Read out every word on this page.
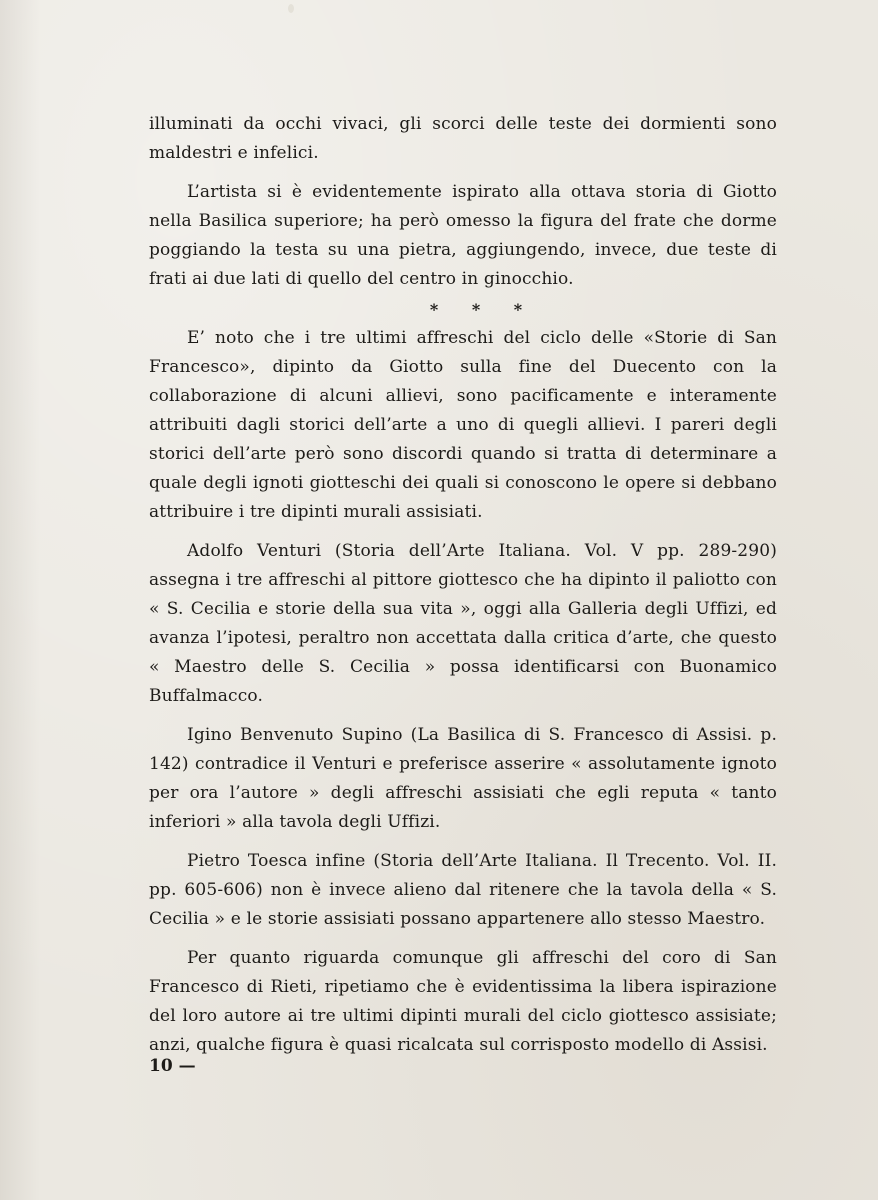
illuminati da occhi vivaci, gli scorci delle teste dei dormienti sono maldestri e infelici.

L’artista si è evidentemente ispirato alla ottava storia di Giotto nella Basilica superiore; ha però omesso la figura del frate che dorme poggiando la testa su una pietra, aggiungendo, invece, due teste di frati ai due lati di quello del centro in ginocchio.

* * *

E’ noto che i tre ultimi affreschi del ciclo delle «Storie di San Francesco», dipinto da Giotto sulla fine del Duecento con la collaborazione di alcuni allievi, sono pacificamente e interamente attribuiti dagli storici dell’arte a uno di quegli allievi. I pareri degli storici dell’arte però sono discordi quando si tratta di determinare a quale degli ignoti giotteschi dei quali si conoscono le opere si debbano attribuire i tre dipinti murali assisiati.

Adolfo Venturi (Storia dell’Arte Italiana. Vol. V pp. 289-290) assegna i tre affreschi al pittore giottesco che ha dipinto il paliotto con « S. Cecilia e storie della sua vita », oggi alla Galleria degli Uffizi, ed avanza l’ipotesi, peraltro non accettata dalla critica d’arte, che questo « Maestro delle S. Cecilia » possa identificarsi con Buonamico Buffalmacco.

Igino Benvenuto Supino (La Basilica di S. Francesco di Assisi. p. 142) contradice il Venturi e preferisce asserire « assolutamente ignoto per ora l’autore » degli affreschi assisiati che egli reputa « tanto inferiori » alla tavola degli Uffizi.

Pietro Toesca infine (Storia dell’Arte Italiana. Il Trecento. Vol. II. pp. 605-606) non è invece alieno dal ritenere che la tavola della « S. Cecilia » e le storie assisiati possano appartenere allo stesso Maestro.

Per quanto riguarda comunque gli affreschi del coro di San Francesco di Rieti, ripetiamo che è evidentissima la libera ispirazione del loro autore ai tre ultimi dipinti murali del ciclo giottesco assisiate; anzi, qualche figura è quasi ricalcata sul corrisposto modello di Assisi.

10 —
